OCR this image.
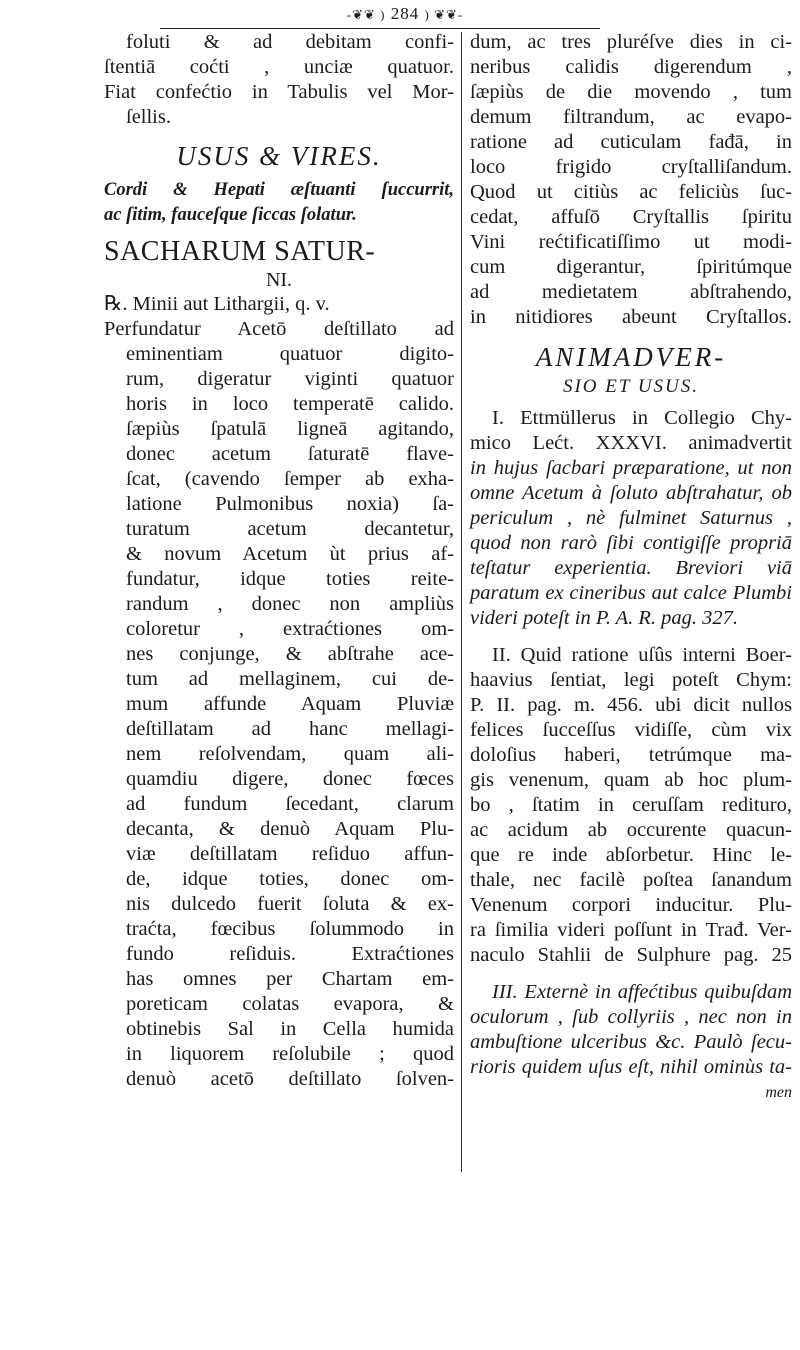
-❦❦ ) 284 ) ❦❦-
foluti & ad debitam confi-
ſtentiā coćti , unciæ quatuor.
Fiat confećtio in Tabulis vel Mor-
ſellis.
USUS & VIRES.
Cordi & Hepati æſtuanti ſuccurrit,
ac ſitim, fauceſque ſiccas ſolatur.
SACHARUM SATUR-
NI.
℞. Minii aut Lithargii, q. v.
Perfundatur Acetō deſtillato ad
eminentiam quatuor digito-
rum, digeratur viginti quatuor
horis in loco temperatē calido.
ſæpiùs ſpatulā ligneā agitando,
donec acetum ſaturatē flave-
ſcat, (cavendo ſemper ab exha-
latione Pulmonibus noxia) ſa-
turatum acetum decantetur,
& novum Acetum ùt prius af-
fundatur, idque toties reite-
randum , donec non ampliùs
coloretur , extraćtiones om-
nes conjunge, & abſtrahe ace-
tum ad mellaginem, cui de-
mum affunde Aquam Pluviæ
deſtillatam ad hanc mellagi-
nem reſolvendam, quam ali-
quamdiu digere, donec fœces
ad fundum ſecedant, clarum
decanta, & denuò Aquam Plu-
viæ deſtillatam reſiduo affun-
de, idque toties, donec om-
nis dulcedo fuerit ſoluta & ex-
traćta, fœcibus ſolummodo in
fundo reſiduis. Extraćtiones
has omnes per Chartam em-
poreticam colatas evapora, &
obtinebis Sal in Cella humida
in liquorem reſolubile ; quod
denuò acetō deſtillato ſolven-
dum, ac tres pluréſve dies in ci-
neribus calidis digerendum ,
ſæpiùs de die movendo , tum
demum filtrandum, ac evapo-
ratione ad cuticulam fađā, in
loco frigido cryſtalliſandum.
Quod ut citiùs ac feliciùs ſuc-
cedat, affuſō Cryſtallis ſpiritu
Vini rećtificatiſſimo ut modi-
cum digerantur, ſpiritúmque
ad medietatem abſtrahendo,
in nitidiores abeunt Cryſtallos.
ANIMADVER-
SIO ET USUS.
I. Ettmüllerus in Collegio Chy-
mico Lećt. XXXVI. animadvertit
in hujus ſacbari præparatione, ut non
omne Acetum à ſoluto abſtrahatur, ob
periculum , nè fulminet Saturnus ,
quod non rarò ſibi contigiſſe propriā
teſtatur experientia. Breviori viā
paratum ex cineribus aut calce Plumbi
videri poteſt in P. A. R. pag. 327.
II. Quid ratione uſûs interni Boer-
haavius ſentiat, legi poteſt Chym:
P. II. pag. m. 456. ubi dicit nullos
felices ſucceſſus vidiſſe, cùm vix
doloſius haberi, tetrúmque ma-
gis venenum, quam ab hoc plum-
bo , ſtatim in ceruſſam redituro,
ac acidum ab occurente quacun-
que re inde abſorbetur. Hinc le-
thale, nec facilè poſtea ſanandum
Venenum corpori inducitur. Plu-
ra ſimilia videri poſſunt in Trađ. Ver-
naculo Stahlii de Sulphure pag. 25
III. Externè in affećtibus quibuſdam
oculorum , ſub collyriis , nec non in
ambuſtione ulceribus &c. Paulò ſecu-
rioris quidem uſus eſt, nihil ominùs ta-
men
